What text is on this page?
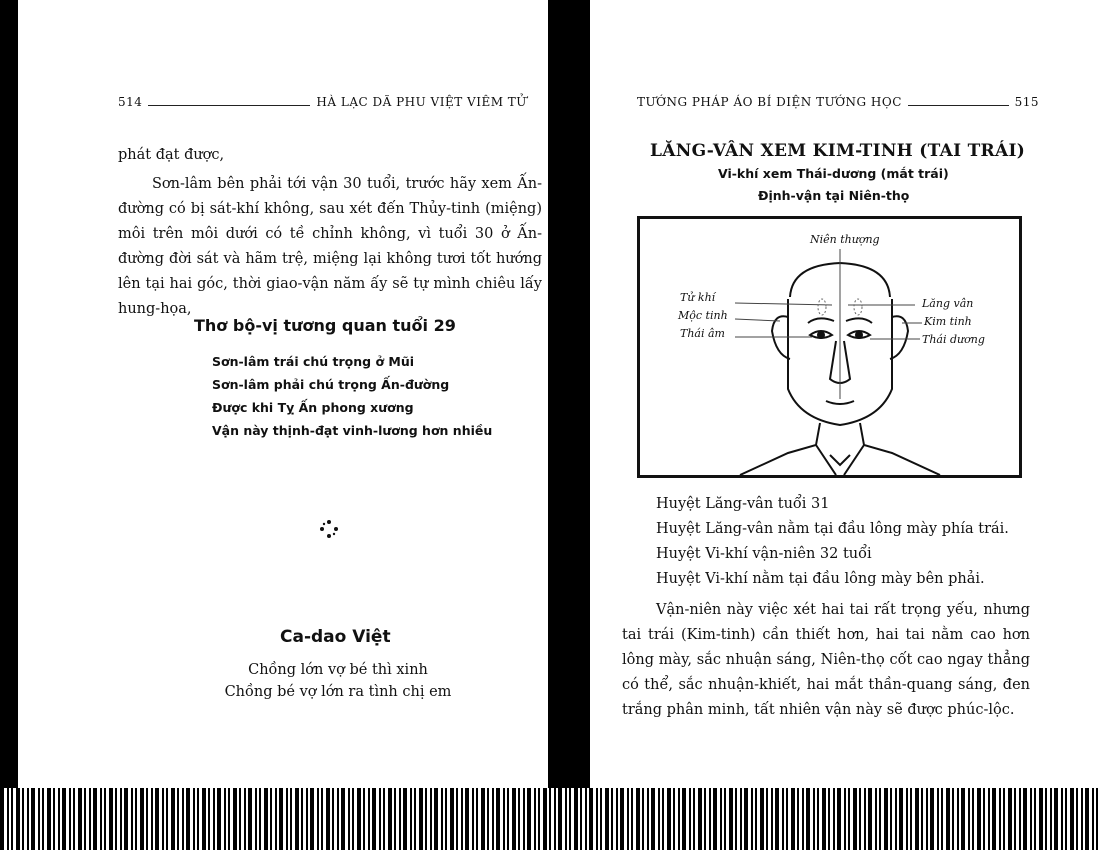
514	HÀ LẠC DÃ PHU VIỆT VIÊM TỬ

phát đạt được,

Sơn-lâm bên phải tới vận 30 tuổi, trước hãy xem Ấn-đường có bị sát-khí không, sau xét đến Thủy-tinh (miệng) môi trên môi dưới có tề chỉnh không, vì tuổi 30 ở Ấn-đường đời sát và hãm trệ, miệng lại không tươi tốt hướng lên tại hai góc, thời giao-vận năm ấy sẽ tự mình chiêu lấy hung-họa,

Thơ bộ-vị tương quan tuổi 29
Sơn-lâm trái chú trọng ở Mũi
Sơn-lâm phải chú trọng Ấn-đường
Được khi Tỵ Ấn phong xương
Vận này thịnh-đạt vinh-lương hơn nhiều
Ca-dao Việt
Chồng lớn vợ bé thì xinh
Chồng bé vợ lớn ra tình chị em
TƯỚNG PHÁP ÁO BÍ DIỆN TƯỚNG HỌC	515
LĂNG-VÂN XEM KIM-TINH (TAI TRÁI)
Vi-khí xem Thái-dương (mắt trái)
Định-vận tại Niên-thọ
Niên thượng
Tử khí
Mộc tinh
Thái âm
Lăng vân
Kim tinh
Thái dương

Huyệt Lăng-vân tuổi 31

Huyệt Lăng-vân nằm tại đầu lông mày phía trái.

Huyệt Vi-khí vận-niên 32 tuổi

Huyệt Vi-khí nằm tại đầu lông mày bên phải.

Vận-niên này việc xét hai tai rất trọng yếu, nhưng tai trái (Kim-tinh) cần thiết hơn, hai tai nằm cao hơn lông mày, sắc nhuận sáng, Niên-thọ cốt cao ngay thẳng có thể, sắc nhuận-khiết, hai mắt thần-quang sáng, đen trắng phân minh, tất nhiên vận này sẽ được phúc-lộc.
